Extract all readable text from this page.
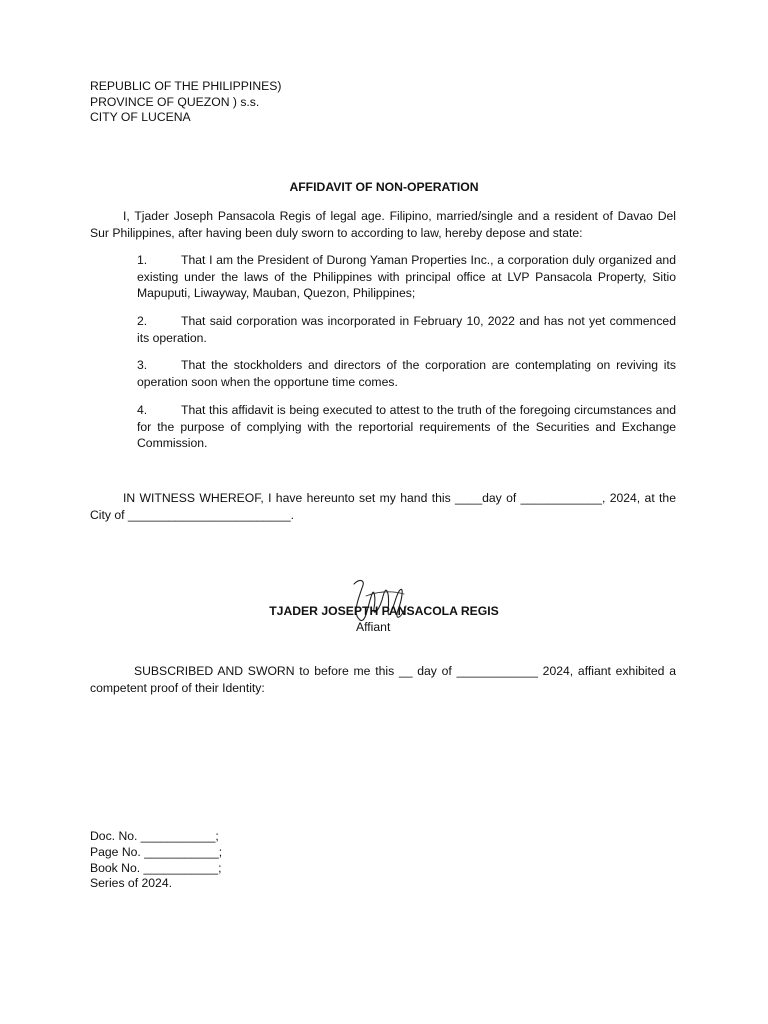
REPUBLIC OF THE PHILIPPINES)
PROVINCE OF QUEZON ) s.s.
CITY OF LUCENA
AFFIDAVIT OF NON-OPERATION
I, Tjader Joseph Pansacola Regis of legal age. Filipino, married/single and a resident of Davao Del Sur Philippines, after having been duly sworn to according to law, hereby depose and state:
1.	That I am the President of Durong Yaman Properties Inc., a corporation duly organized and existing under the laws of the Philippines with principal office at LVP Pansacola Property, Sitio Mapuputi, Liwayway, Mauban, Quezon, Philippines;
2.	That said corporation was incorporated in February 10, 2022 and has not yet commenced its operation.
3.	That the stockholders and directors of the corporation are contemplating on reviving its operation soon when the opportune time comes.
4.	That this affidavit is being executed to attest to the truth of the foregoing circumstances and for the purpose of complying with the reportorial requirements of the Securities and Exchange Commission.
IN WITNESS WHEREOF, I have hereunto set my hand this ____day of ____________, 2024, at the City of ________________________.
TJADER JOSEPTH PANSACOLA REGIS
Affiant
SUBSCRIBED AND SWORN to before me this __ day of ____________ 2024, affiant exhibited a competent proof of their Identity:
Doc. No. ___________;
Page No. ___________;
Book No. ___________;
Series of 2024.
